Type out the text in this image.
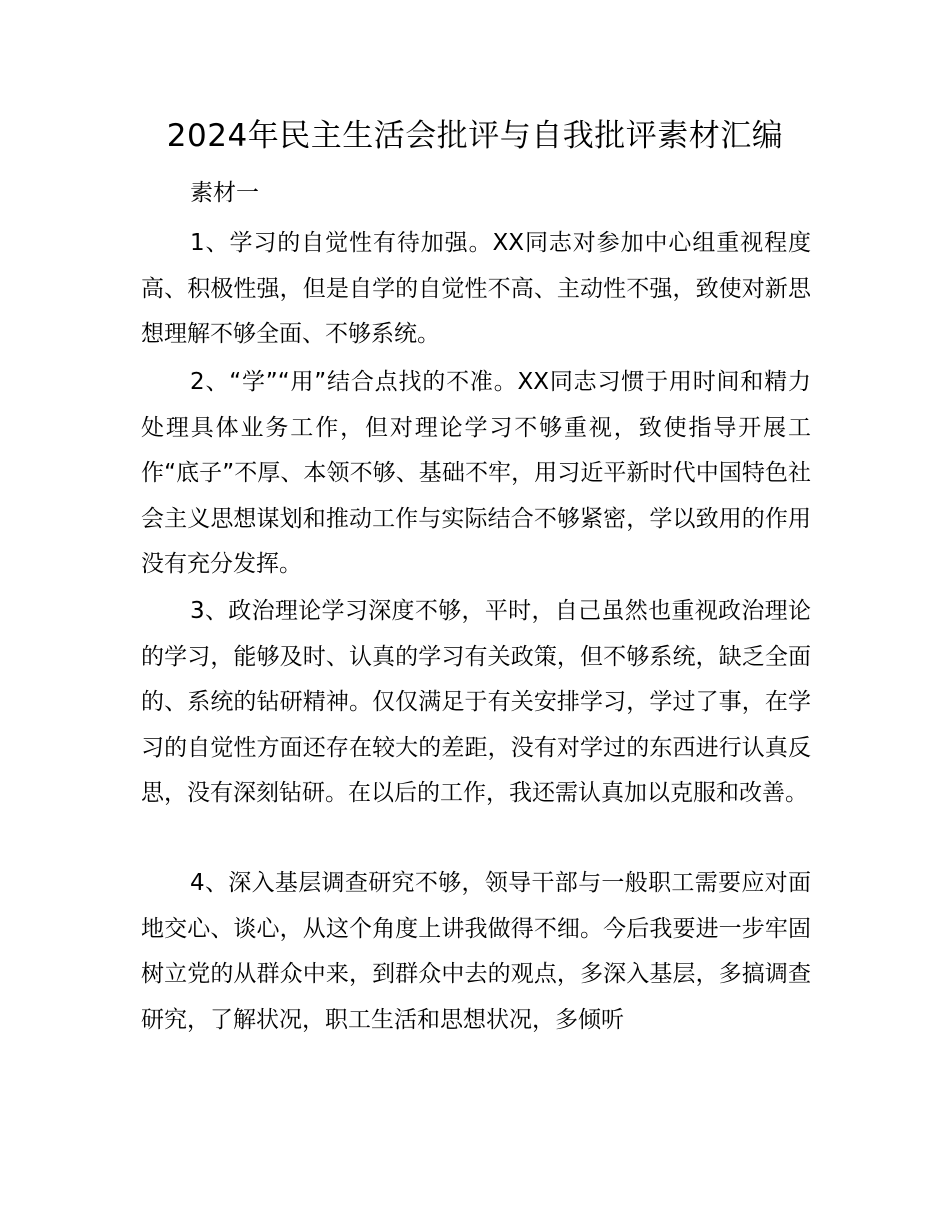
2024年民主生活会批评与自我批评素材汇编
素材一

1、学习的自觉性有待加强。XX同志对参加中心组重视程度高、积极性强，但是自学的自觉性不高、主动性不强，致使对新思想理解不够全面、不够系统。

2、“学”“用”结合点找的不准。XX同志习惯于用时间和精力处理具体业务工作，但对理论学习不够重视，致使指导开展工作“底子”不厚、本领不够、基础不牢，用习近平新时代中国特色社会主义思想谋划和推动工作与实际结合不够紧密，学以致用的作用没有充分发挥。

3、政治理论学习深度不够，平时，自己虽然也重视政治理论的学习，能够及时、认真的学习有关政策，但不够系统，缺乏全面的、系统的钻研精神。仅仅满足于有关安排学习，学过了事，在学习的自觉性方面还存在较大的差距，没有对学过的东西进行认真反思，没有深刻钻研。在以后的工作，我还需认真加以克服和改善。

4、深入基层调查研究不够，领导干部与一般职工需要应对面地交心、谈心，从这个角度上讲我做得不细。今后我要进一步牢固树立党的从群众中来，到群众中去的观点，多深入基层，多搞调查研究，了解状况，职工生活和思想状况，多倾听
